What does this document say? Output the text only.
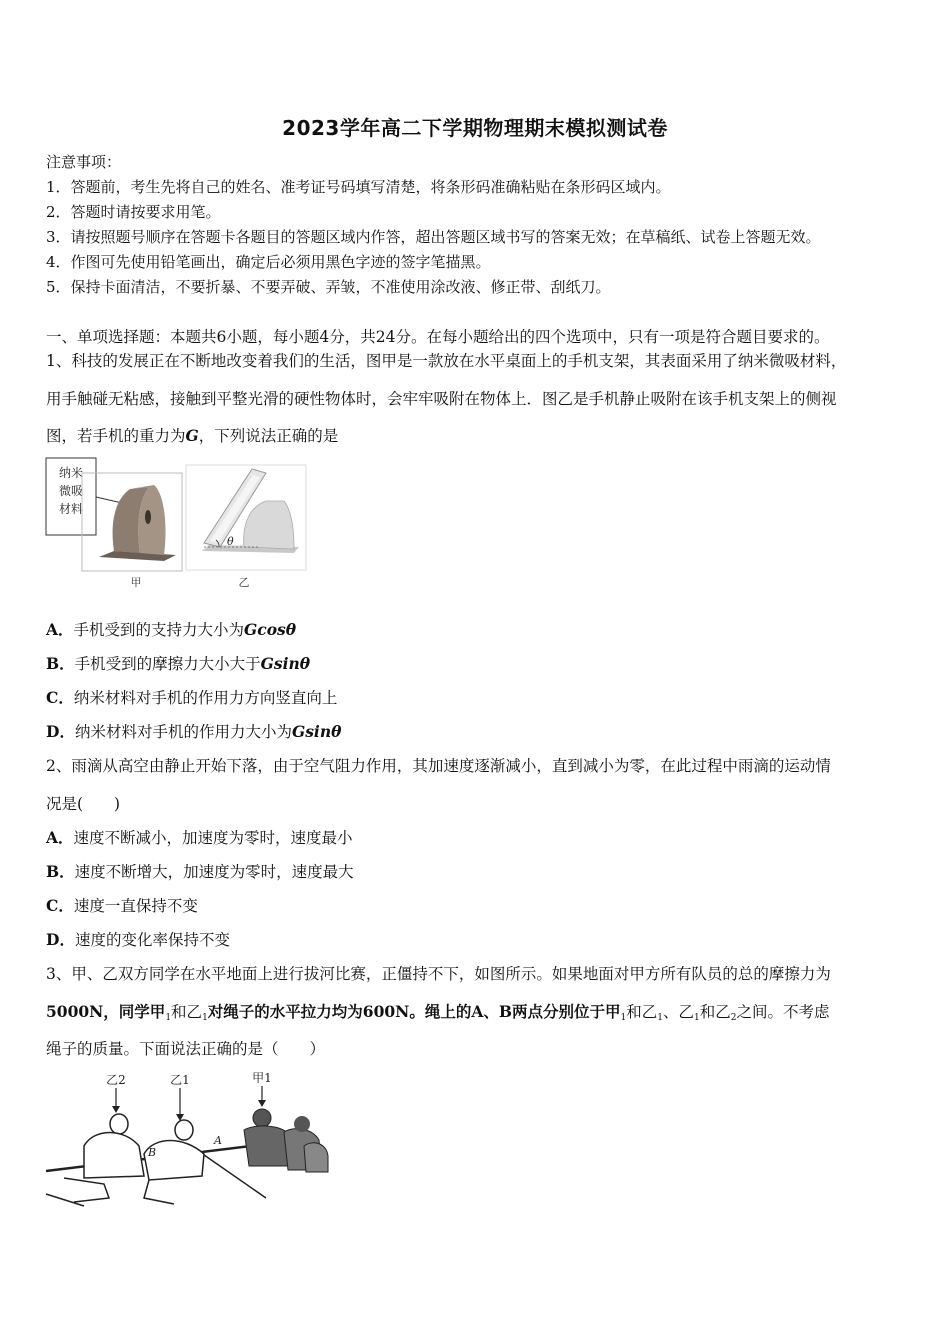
2023学年高二下学期物理期末模拟测试卷
注意事项：
1．答题前，考生先将自己的姓名、准考证号码填写清楚，将条形码准确粘贴在条形码区域内。
2．答题时请按要求用笔。
3．请按照题号顺序在答题卡各题目的答题区域内作答，超出答题区域书写的答案无效；在草稿纸、试卷上答题无效。
4．作图可先使用铅笔画出，确定后必须用黑色字迹的签字笔描黑。
5．保持卡面清洁，不要折暴、不要弄破、弄皱，不准使用涂改液、修正带、刮纸刀。
一、单项选择题：本题共6小题，每小题4分，共24分。在每小题给出的四个选项中，只有一项是符合题目要求的。
1、科技的发展正在不断地改变着我们的生活，图甲是一款放在水平桌面上的手机支架，其表面采用了纳米微吸材料，
用手触碰无粘感，接触到平整光滑的硬性物体时，会牢牢吸附在物体上．图乙是手机静止吸附在该手机支架上的侧视
图，若手机的重力为G，下列说法正确的是
纳米
微吸
材料
甲
θ
乙
A．手机受到的支持力大小为Gcosθ
B．手机受到的摩擦力大小大于Gsinθ
C．纳米材料对手机的作用力方向竖直向上
D．纳米材料对手机的作用力大小为Gsinθ
2、雨滴从高空由静止开始下落，由于空气阻力作用，其加速度逐渐减小，直到减小为零，在此过程中雨滴的运动情
况是(　　)
A．速度不断减小，加速度为零时，速度最小
B．速度不断增大，加速度为零时，速度最大
C．速度一直保持不变
D．速度的变化率保持不变
3、甲、乙双方同学在水平地面上进行拔河比赛，正僵持不下，如图所示。如果地面对甲方所有队员的总的摩擦力为
5000N，同学甲$_1$和乙$_1$对绳子的水平拉力均为600N。绳上的A、B两点分别位于甲$_1$和乙$_1$、乙$_1$和乙$_2$之间。不考虑
绳子的质量。下面说法正确的是（　　）
乙2	乙1	甲1
B
A
